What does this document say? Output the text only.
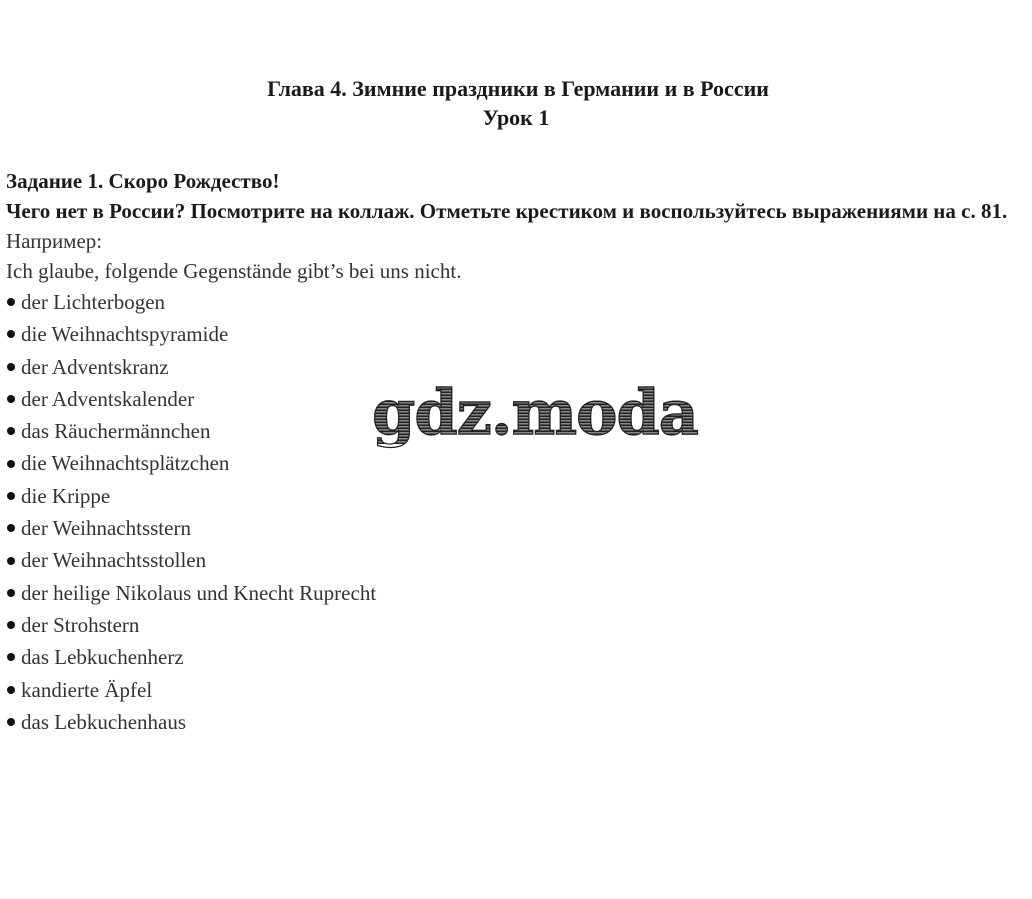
Глава 4. Зимние праздники в Германии и в России
Урок 1
Задание 1. Скоро Рождество!
Чего нет в России? Посмотрите на коллаж. Отметьте крестиком и воспользуйтесь выражениями на с. 81.
Например:
Ich glaube, folgende Gegenstände gibt’s bei uns nicht.
der Lichterbogen
die Weihnachtspyramide
der Adventskranz
der Adventskalender
das Räuchermännchen
die Weihnachtsplätzchen
die Krippe
der Weihnachtsstern
der Weihnachtsstollen
der heilige Nikolaus und Knecht Ruprecht
der Strohstern
das Lebkuchenherz
kandierte Äpfel
das Lebkuchenhaus
gdz.moda
